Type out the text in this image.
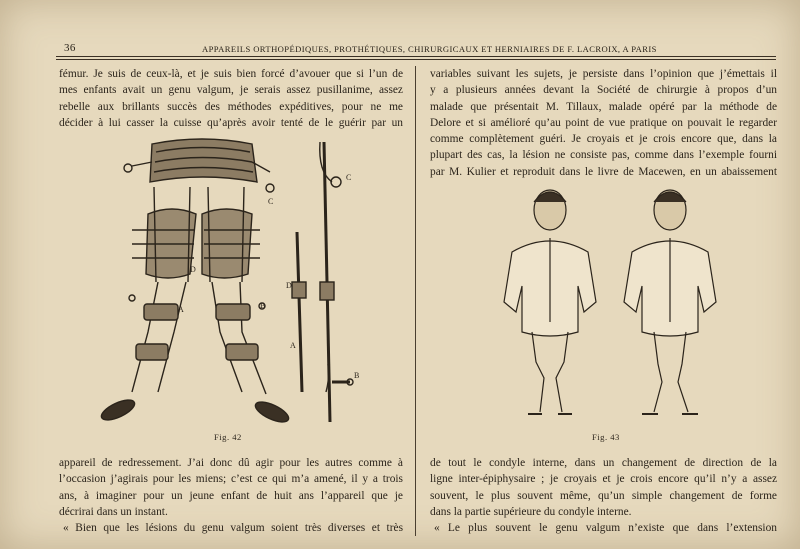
36	APPAREILS ORTHOPÉDIQUES, PROTHÉTIQUES, CHIRURGICAUX ET HERNIAIRES DE F. LACROIX, A PARIS

fémur. Je suis de ceux-là, et je suis bien forcé d’avouer que si l’un de

mes enfants avait un genu valgum, je serais assez pusillanime, assez

rebelle aux brillants succès des méthodes expéditives, pour ne me

décider à lui casser la cuisse qu’après avoir tenté de le guérir par un

variables suivant les sujets, je persiste dans l’opinion que j’émettais il

y a plusieurs années devant la Société de chirurgie à propos d’un

malade que présentait M. Tillaux, malade opéré par la méthode de

Delore et si amélioré qu’au point de vue pratique on pouvait le regarder

comme complètement guéri. Je croyais et je crois encore que, dans la

plupart des cas, la lésion ne consiste pas, comme dans l’exemple fourni

par M. Kulier et reproduit dans le livre de Macewen, en un abaissement

C
D
A	B
C
D
A
B
Fig. 42	Fig. 43

appareil de redressement. J’ai donc dû agir pour les autres comme à

l’occasion j’agirais pour les miens; c’est ce qui m’a amené, il y a trois

ans, à imaginer pour un jeune enfant de huit ans l’appareil que je

décrirai dans un instant.

« Bien que les lésions du genu valgum soient très diverses et très

de tout le condyle interne, dans un changement de direction de la

ligne inter-épiphysaire ; je croyais et je crois encore qu’il n’y a assez

souvent, le plus souvent même, qu’un simple changement de forme

dans la partie supérieure du condyle interne.

« Le plus souvent le genu valgum n’existe que dans l’extension
